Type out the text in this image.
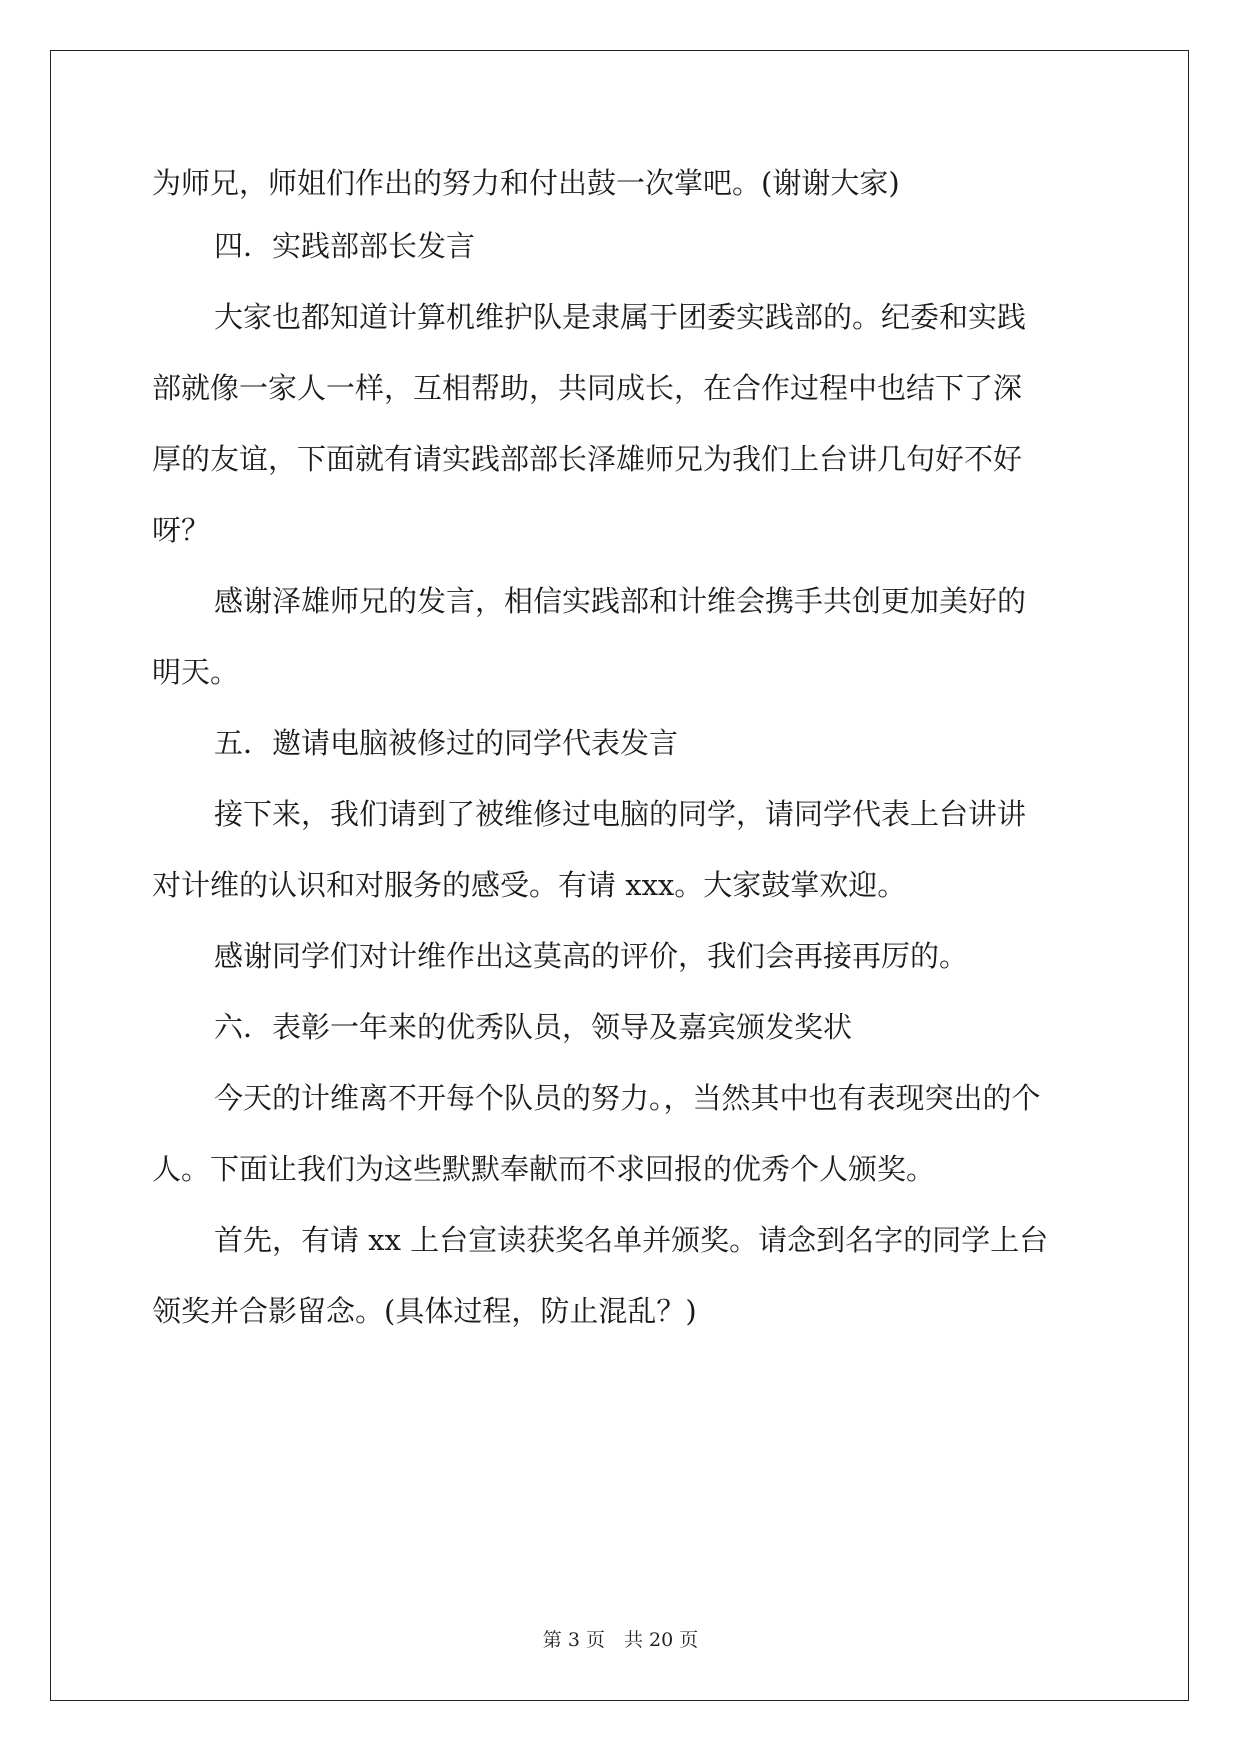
为师兄，师姐们作出的努力和付出鼓一次掌吧。(谢谢大家)
四．实践部部长发言
大家也都知道计算机维护队是隶属于团委实践部的。纪委和实践
部就像一家人一样，互相帮助，共同成长，在合作过程中也结下了深
厚的友谊，下面就有请实践部部长泽雄师兄为我们上台讲几句好不好
呀？
感谢泽雄师兄的发言，相信实践部和计维会携手共创更加美好的
明天。
五．邀请电脑被修过的同学代表发言
接下来，我们请到了被维修过电脑的同学，请同学代表上台讲讲
对计维的认识和对服务的感受。有请 xxx。大家鼓掌欢迎。
感谢同学们对计维作出这莫高的评价，我们会再接再厉的。
六．表彰一年来的优秀队员，领导及嘉宾颁发奖状
今天的计维离不开每个队员的努力。，当然其中也有表现突出的个
人。下面让我们为这些默默奉献而不求回报的优秀个人颁奖。
首先，有请 xx 上台宣读获奖名单并颁奖。请念到名字的同学上台
领奖并合影留念。(具体过程，防止混乱？)
第 3 页　共 20 页
